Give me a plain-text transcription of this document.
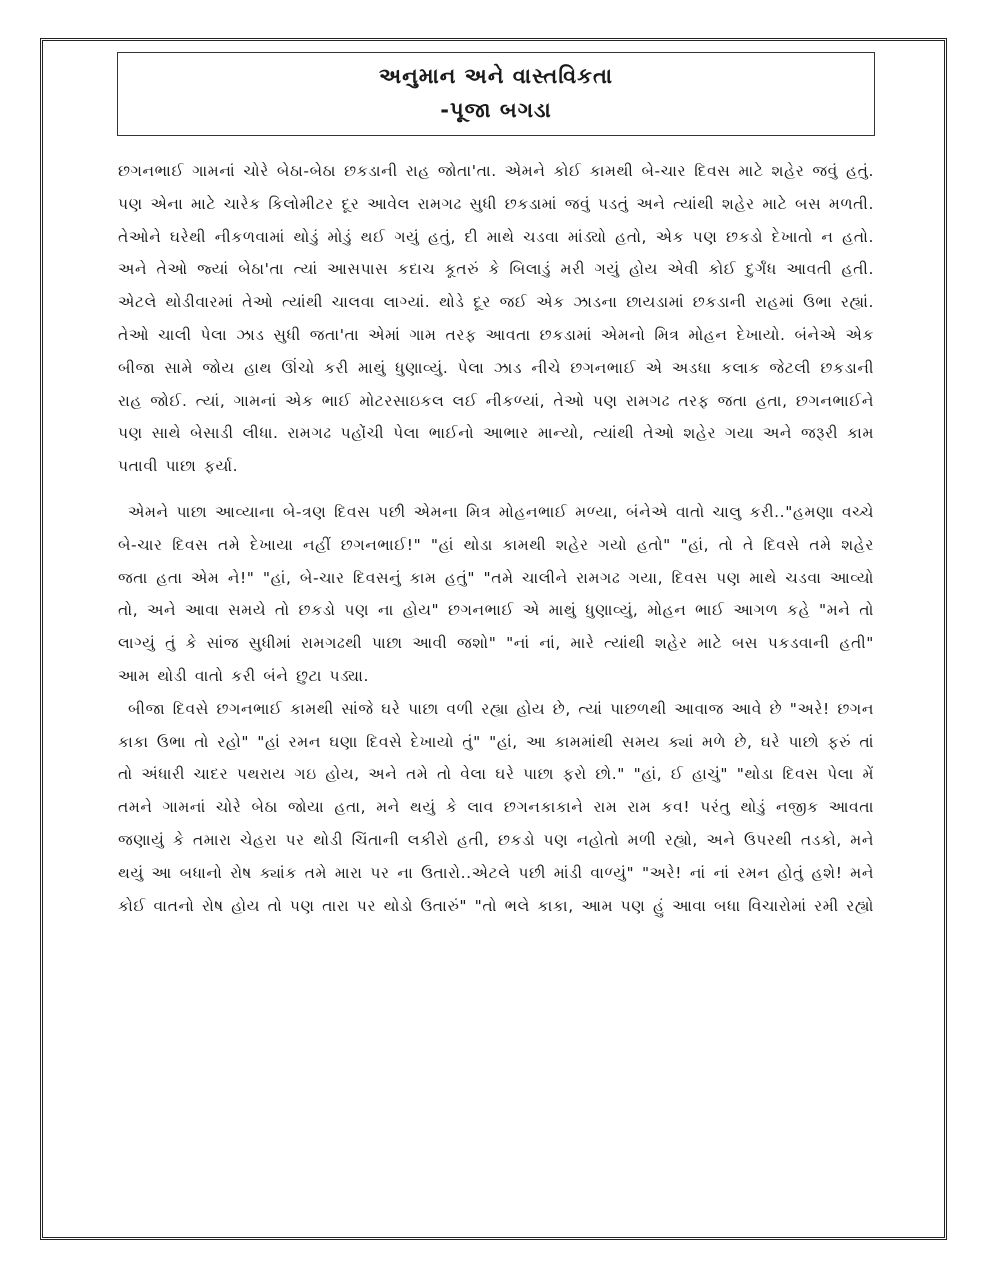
અનુમાન અને વાસ્તવિકતા
-પૂજા બગડા

છગનભાઈ ગામનાં ચોરે બેઠા-બેઠા છકડાની રાહ જોતા'તા. એમને કોઈ કામથી બે-ચાર દિવસ માટે શહેર જવું હતું. પણ એના માટે ચારેક કિલોમીટર દૂર આવેલ રામગઢ સુધી છકડામાં જવું પડતું અને ત્યાંથી શહેર માટે બસ મળતી. તેઓને ઘરેથી નીકળવામાં થોડું મોડું થઈ ગયું હતું, દી માથે ચડવા માંડ્યો હતો, એક પણ છકડો દેખાતો ન હતો. અને તેઓ જ્યાં બેઠા'તા ત્યાં આસપાસ કદાચ કૂતરું કે બિલાડું મરી ગયું હોય એવી કોઈ દુર્ગંધ આવતી હતી. એટલે થોડીવારમાં તેઓ ત્યાંથી ચાલવા લાગ્યાં. થોડે દૂર જઈ એક ઝાડના છાયડામાં છકડાની રાહમાં ઉભા રહ્યાં. તેઓ ચાલી પેલા ઝાડ સુધી જતા'તા એમાં ગામ તરફ આવતા છકડામાં એમનો મિત્ર મોહન દેખાયો. બંનેએ એક બીજા સામે જોય હાથ ઊંચો કરી માથું ધુણાવ્યું. પેલા ઝાડ નીચે છગનભાઈ એ અડધા કલાક જેટલી છકડાની રાહ જોઈ. ત્યાં, ગામનાં એક ભાઈ મોટરસાઇકલ લઈ નીકળ્યાં, તેઓ પણ રામગઢ તરફ જતા હતા, છગનભાઈને પણ સાથે બેસાડી લીધા. રામગઢ પહોંચી પેલા ભાઈનો આભાર માન્યો, ત્યાંથી તેઓ શહેર ગયા અને જરૂરી કામ પતાવી પાછા ફર્યા.

એમને પાછા આવ્યાના બે-ત્રણ દિવસ પછી એમના મિત્ર મોહનભાઈ મળ્યા, બંનેએ વાતો ચાલુ કરી.."હમણા વચ્ચે બે-ચાર દિવસ તમે દેખાયા નહીં છગનભાઈ!" "હાં થોડા કામથી શહેર ગયો હતો" "હાં, તો તે દિવસે તમે શહેર જતા હતા એમ ને!" "હાં, બે-ચાર દિવસનું કામ હતું" "તમે ચાલીને રામગઢ ગયા, દિવસ પણ માથે ચડવા આવ્યો તો, અને આવા સમયે તો છકડો પણ ના હોય" છગનભાઈ એ માથું ધુણાવ્યું, મોહન ભાઈ આગળ કહે "મને તો લાગ્યું તું કે સાંજ સુધીમાં રામગઢથી પાછા આવી જશો" "નાં નાં, મારે ત્યાંથી શહેર માટે બસ પકડવાની હતી" આમ થોડી વાતો કરી બંને છુટા પડ્યા.

બીજા દિવસે છગનભાઈ કામથી સાંજે ઘરે પાછા વળી રહ્યા હોય છે, ત્યાં પાછળથી આવાજ આવે છે "અરે! છગન કાકા ઉભા તો રહો" "હાં રમન ઘણા દિવસે દેખાયો તું" "હાં, આ કામમાંથી સમય ક્યાં મળે છે, ઘરે પાછો ફરું તાં તો અંધારી ચાદર પથરાય ગઇ હોય, અને તમે તો વેલા ઘરે પાછા ફરો છો." "હાં, ઈ હાચું" "થોડા દિવસ પેલા મેં તમને ગામનાં ચોરે બેઠા જોયા હતા, મને થયું કે લાવ છગનકાકાને રામ રામ કવ! પરંતુ થોડું નજીક આવતા જણાયું કે તમારા ચેહરા પર થોડી ચિંતાની લકીરો હતી, છકડો પણ નહોતો મળી રહ્યો, અને ઉપરથી તડકો, મને થયું આ બધાનો રોષ ક્યાંક તમે મારા પર ના ઉતારો..એટલે પછી માંડી વાળ્યું" "અરે! નાં નાં રમન હોતું હશે! મને કોઈ વાતનો રોષ હોય તો પણ તારા પર થોડો ઉતારું" "તો ભલે કાકા, આમ પણ હું આવા બધા વિચારોમાં રમી રહ્યો
